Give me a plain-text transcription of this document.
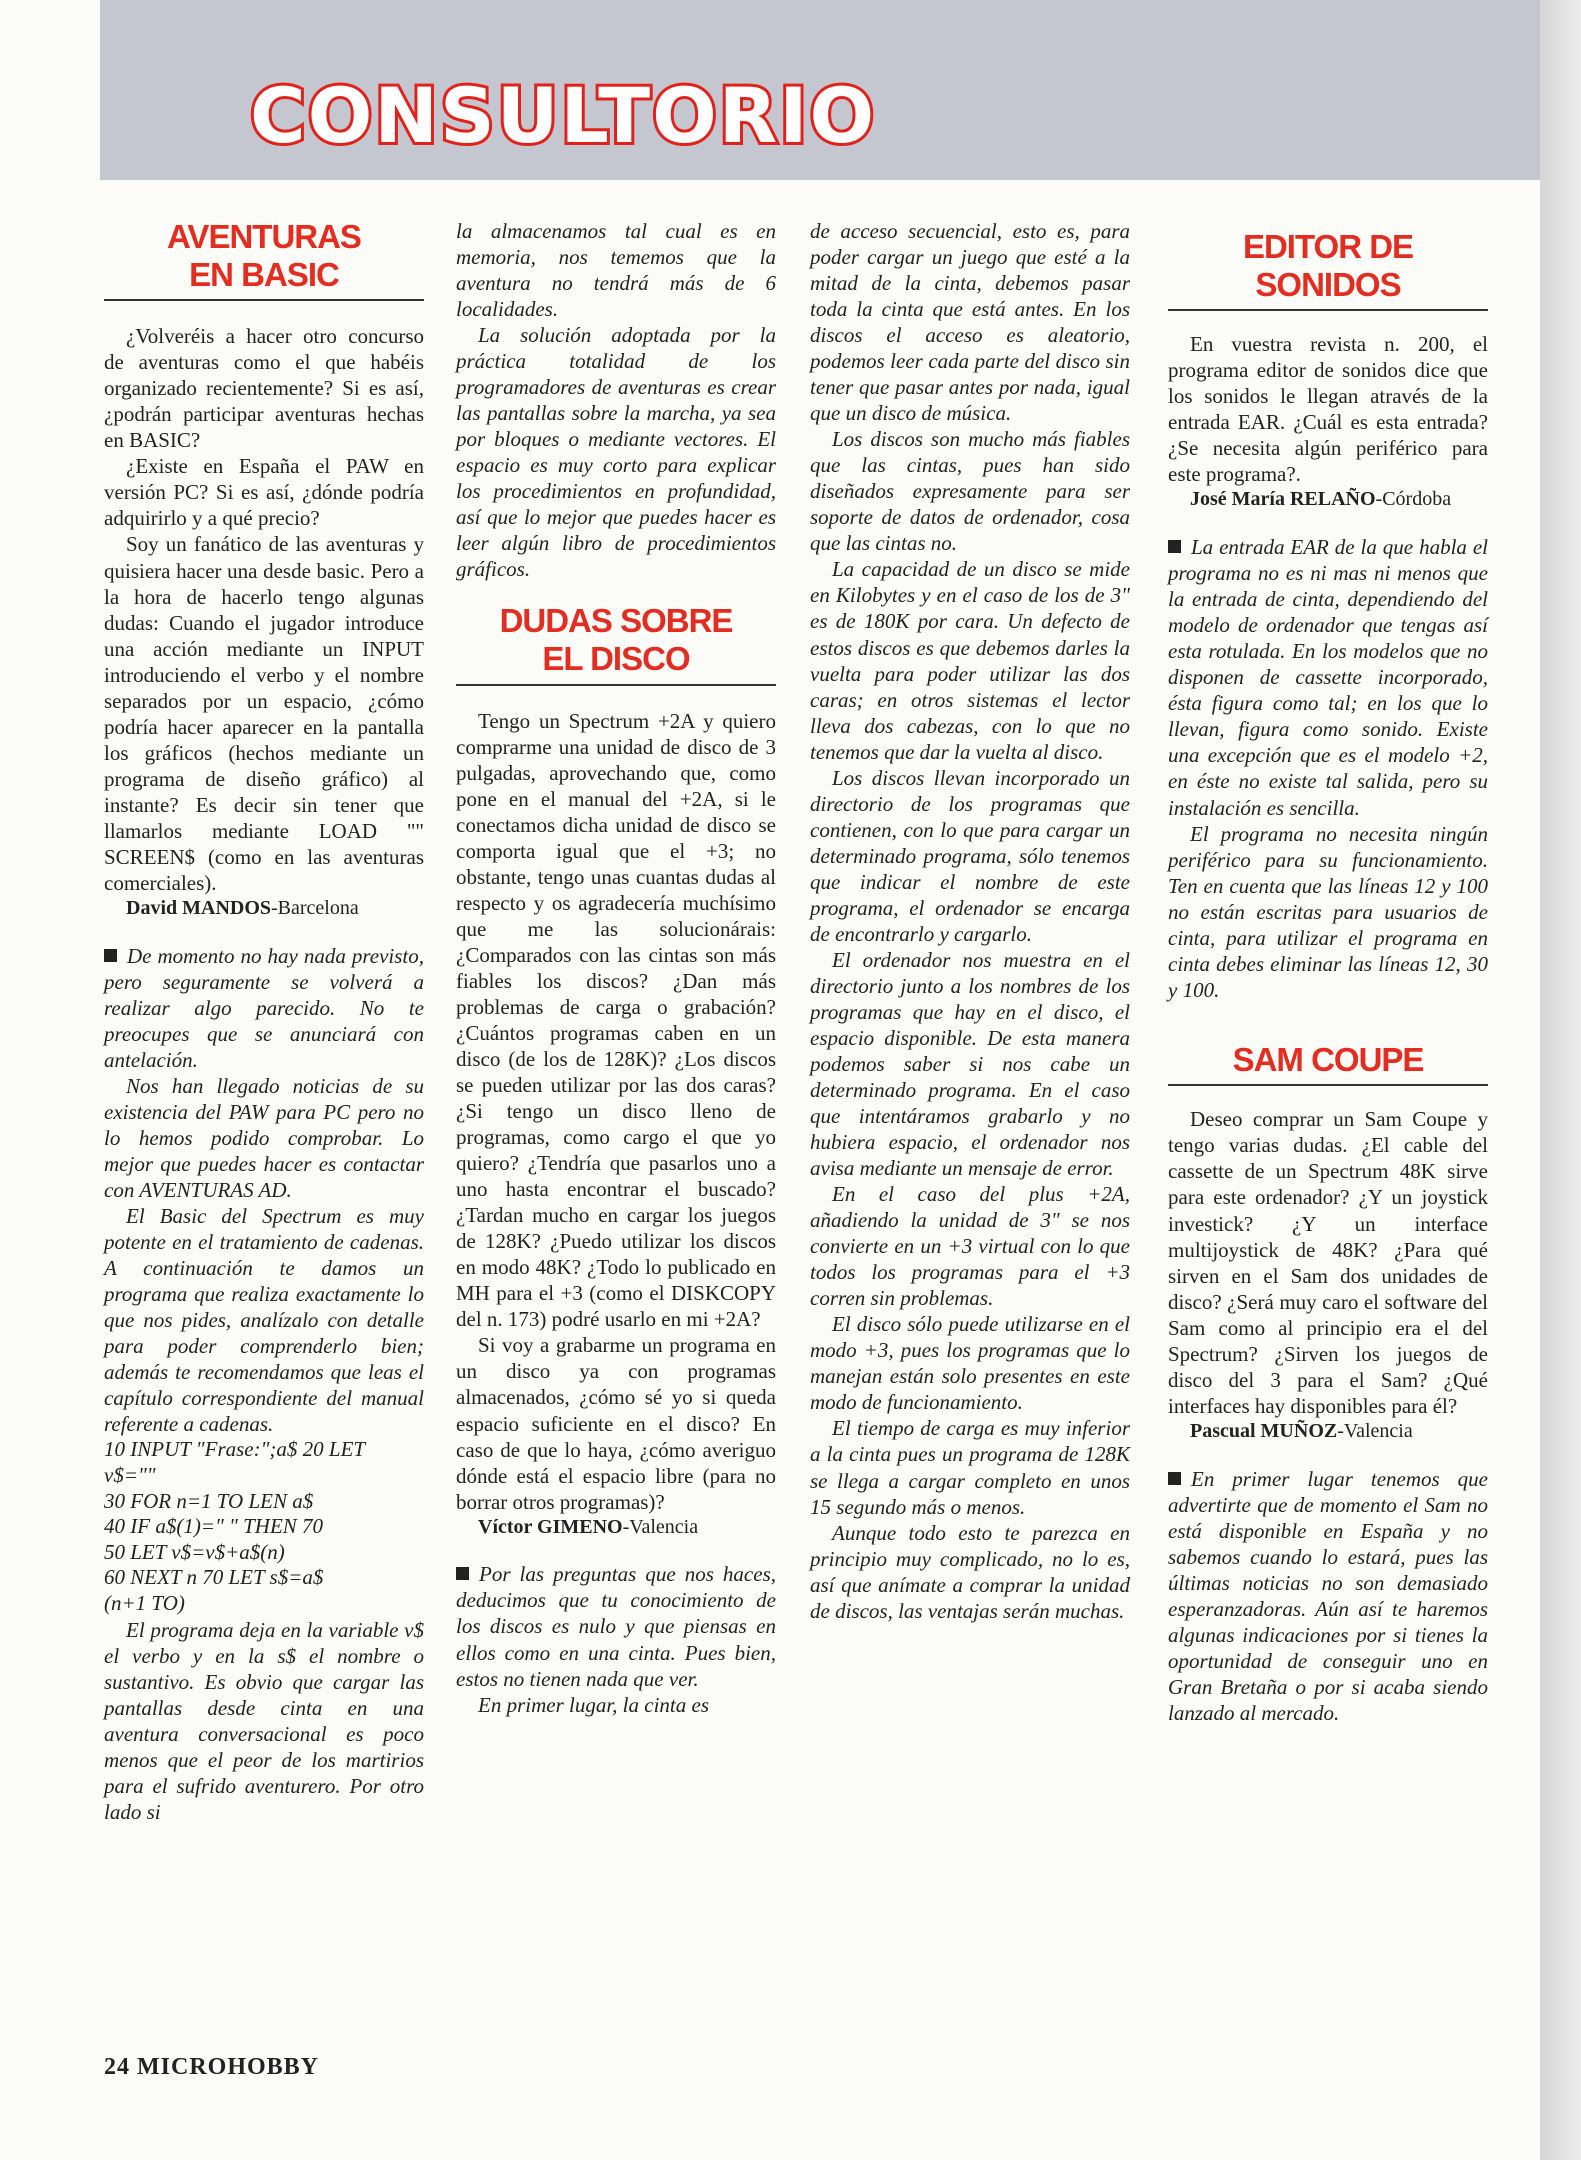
CONSULTORIO
AVENTURAS
EN BASIC

¿Volveréis a hacer otro concurso de aventuras como el que habéis organizado recientemente? Si es así, ¿podrán participar aventuras hechas en BASIC?

¿Existe en España el PAW en versión PC? Si es así, ¿dónde podría adquirirlo y a qué precio?

Soy un fanático de las aventuras y quisiera hacer una desde basic. Pero a la hora de hacerlo tengo algunas dudas: Cuando el jugador introduce una acción mediante un INPUT introduciendo el verbo y el nombre separados por un espacio, ¿cómo podría hacer aparecer en la pantalla los gráficos (hechos mediante un programa de diseño gráfico) al instante? Es decir sin tener que llamarlos mediante LOAD "" SCREEN$ (como en las aventuras comerciales).

David MANDOS-Barcelona

De momento no hay nada previsto, pero seguramente se volverá a realizar algo parecido. No te preocupes que se anunciará con antelación.

Nos han llegado noticias de su existencia del PAW para PC pero no lo hemos podido comprobar. Lo mejor que puedes hacer es contactar con AVENTURAS AD.

El Basic del Spectrum es muy potente en el tratamiento de cadenas. A continuación te damos un programa que realiza exactamente lo que nos pides, analízalo con detalle para poder comprenderlo bien; además te recomendamos que leas el capítulo correspondiente del manual referente a cadenas.

10 INPUT "Frase:";a$ 20 LET
v$=""
30 FOR n=1 TO LEN a$
40 IF a$(1)=" " THEN 70
50 LET v$=v$+a$(n)
60 NEXT n 70 LET s$=a$
(n+1 TO)

El programa deja en la variable v$ el verbo y en la s$ el nombre o sustantivo. Es obvio que cargar las pantallas desde cinta en una aventura conversacional es poco menos que el peor de los martirios para el sufrido aventurero. Por otro lado si

la almacenamos tal cual es en memoria, nos tememos que la aventura no tendrá más de 6 localidades.

La solución adoptada por la práctica totalidad de los programadores de aventuras es crear las pantallas sobre la marcha, ya sea por bloques o mediante vectores. El espacio es muy corto para explicar los procedimientos en profundidad, así que lo mejor que puedes hacer es leer algún libro de procedimientos gráficos.

DUDAS SOBRE
EL DISCO

Tengo un Spectrum +2A y quiero comprarme una unidad de disco de 3 pulgadas, aprovechando que, como pone en el manual del +2A, si le conectamos dicha unidad de disco se comporta igual que el +3; no obstante, tengo unas cuantas dudas al respecto y os agradecería muchísimo que me las solucionárais: ¿Comparados con las cintas son más fiables los discos? ¿Dan más problemas de carga o grabación? ¿Cuántos programas caben en un disco (de los de 128K)? ¿Los discos se pueden utilizar por las dos caras? ¿Si tengo un disco lleno de programas, como cargo el que yo quiero? ¿Tendría que pasarlos uno a uno hasta encontrar el buscado? ¿Tardan mucho en cargar los juegos de 128K? ¿Puedo utilizar los discos en modo 48K? ¿Todo lo publicado en MH para el +3 (como el DISKCOPY del n. 173) podré usarlo en mi +2A?

Si voy a grabarme un programa en un disco ya con programas almacenados, ¿cómo sé yo si queda espacio suficiente en el disco? En caso de que lo haya, ¿cómo averiguo dónde está el espacio libre (para no borrar otros programas)?

Víctor GIMENO-Valencia

Por las preguntas que nos haces, deducimos que tu conocimiento de los discos es nulo y que piensas en ellos como en una cinta. Pues bien, estos no tienen nada que ver.

En primer lugar, la cinta es

de acceso secuencial, esto es, para poder cargar un juego que esté a la mitad de la cinta, debemos pasar toda la cinta que está antes. En los discos el acceso es aleatorio, podemos leer cada parte del disco sin tener que pasar antes por nada, igual que un disco de música.

Los discos son mucho más fiables que las cintas, pues han sido diseñados expresamente para ser soporte de datos de ordenador, cosa que las cintas no.

La capacidad de un disco se mide en Kilobytes y en el caso de los de 3" es de 180K por cara. Un defecto de estos discos es que debemos darles la vuelta para poder utilizar las dos caras; en otros sistemas el lector lleva dos cabezas, con lo que no tenemos que dar la vuelta al disco.

Los discos llevan incorporado un directorio de los programas que contienen, con lo que para cargar un determinado programa, sólo tenemos que indicar el nombre de este programa, el ordenador se encarga de encontrarlo y cargarlo.

El ordenador nos muestra en el directorio junto a los nombres de los programas que hay en el disco, el espacio disponible. De esta manera podemos saber si nos cabe un determinado programa. En el caso que intentáramos grabarlo y no hubiera espacio, el ordenador nos avisa mediante un mensaje de error.

En el caso del plus +2A, añadiendo la unidad de 3" se nos convierte en un +3 virtual con lo que todos los programas para el +3 corren sin problemas.

El disco sólo puede utilizarse en el modo +3, pues los programas que lo manejan están solo presentes en este modo de funcionamiento.

El tiempo de carga es muy inferior a la cinta pues un programa de 128K se llega a cargar completo en unos 15 segundo más o menos.

Aunque todo esto te parezca en principio muy complicado, no lo es, así que anímate a comprar la unidad de discos, las ventajas serán muchas.

EDITOR DE SONIDOS

En vuestra revista n. 200, el programa editor de sonidos dice que los sonidos le llegan através de la entrada EAR. ¿Cuál es esta entrada? ¿Se necesita algún periférico para este programa?.

José María RELAÑO-Córdoba

La entrada EAR de la que habla el programa no es ni mas ni menos que la entrada de cinta, dependiendo del modelo de ordenador que tengas así esta rotulada. En los modelos que no disponen de cassette incorporado, ésta figura como tal; en los que lo llevan, figura como sonido. Existe una excepción que es el modelo +2, en éste no existe tal salida, pero su instalación es sencilla.

El programa no necesita ningún periférico para su funcionamiento. Ten en cuenta que las líneas 12 y 100 no están escritas para usuarios de cinta, para utilizar el programa en cinta debes eliminar las líneas 12, 30 y 100.

SAM COUPE

Deseo comprar un Sam Coupe y tengo varias dudas. ¿El cable del cassette de un Spectrum 48K sirve para este ordenador? ¿Y un joystick investick? ¿Y un interface multijoystick de 48K? ¿Para qué sirven en el Sam dos unidades de disco? ¿Será muy caro el software del Sam como al principio era el del Spectrum? ¿Sirven los juegos de disco del 3 para el Sam? ¿Qué interfaces hay disponibles para él?

Pascual MUÑOZ-Valencia

En primer lugar tenemos que advertirte que de momento el Sam no está disponible en España y no sabemos cuando lo estará, pues las últimas noticias no son demasiado esperanzadoras. Aún así te haremos algunas indicaciones por si tienes la oportunidad de conseguir uno en Gran Bretaña o por si acaba siendo lanzado al mercado.

24 MICROHOBBY
